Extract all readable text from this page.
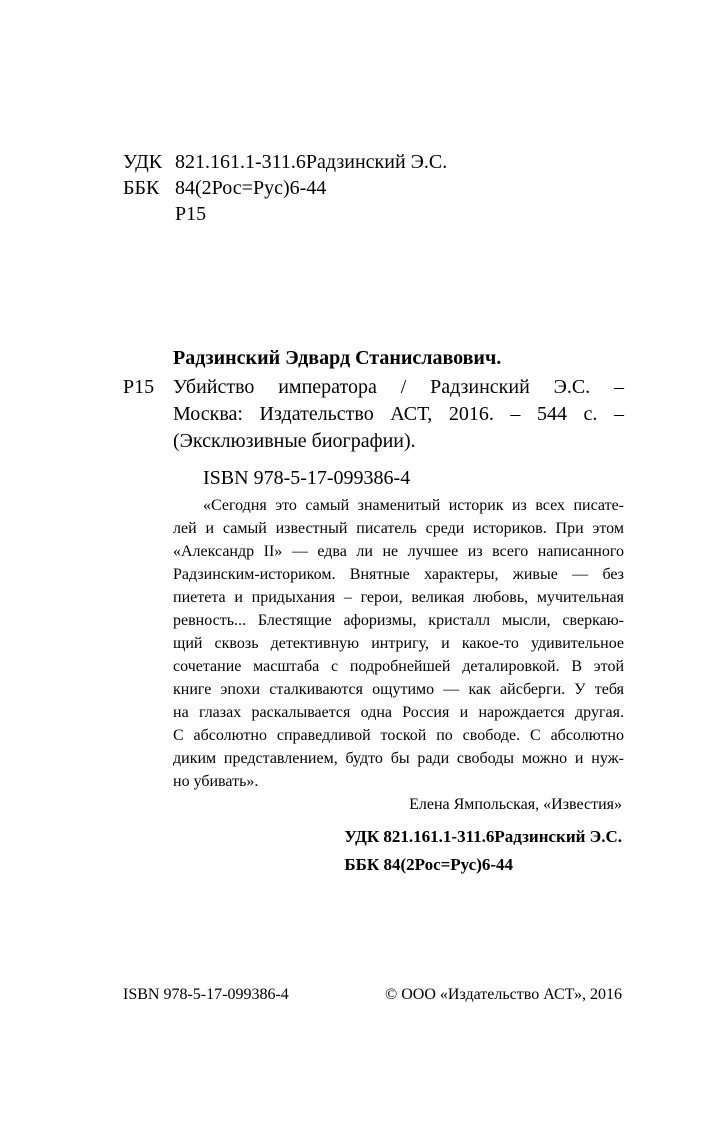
УДК 821.161.1-311.6Радзинский Э.С.
ББК 84(2Рос=Рус)6-44
Р15
Радзинский Эдвард Станиславович.
Р15 Убийство императора / Радзинский Э.С. –
Москва: Издательство АСТ, 2016. – 544 с. –
(Эксклюзивные биографии).
ISBN 978-5-17-099386-4
«Сегодня это самый знаменитый историк из всех писате-
лей и самый известный писатель среди историков. При этом
«Александр II» — едва ли не лучшее из всего написанного
Радзинским-историком. Внятные характеры, живые — без
пиетета и придыхания – герои, великая любовь, мучительная
ревность... Блестящие афоризмы, кристалл мысли, сверкаю-
щий сквозь детективную интригу, и какое-то удивительное
сочетание масштаба с подробнейшей деталировкой. В этой
книге эпохи сталкиваются ощутимо — как айсберги. У тебя
на глазах раскалывается одна Россия и нарождается другая.
С абсолютно справедливой тоской по свободе. С абсолютно
диким представлением, будто бы ради свободы можно и нуж-
но убивать».
Елена Ямпольская, «Известия»
УДК 821.161.1-311.6Радзинский Э.С.
ББК 84(2Рос=Рус)6-44
ISBN 978-5-17-099386-4	© ООО «Издательство АСТ», 2016
